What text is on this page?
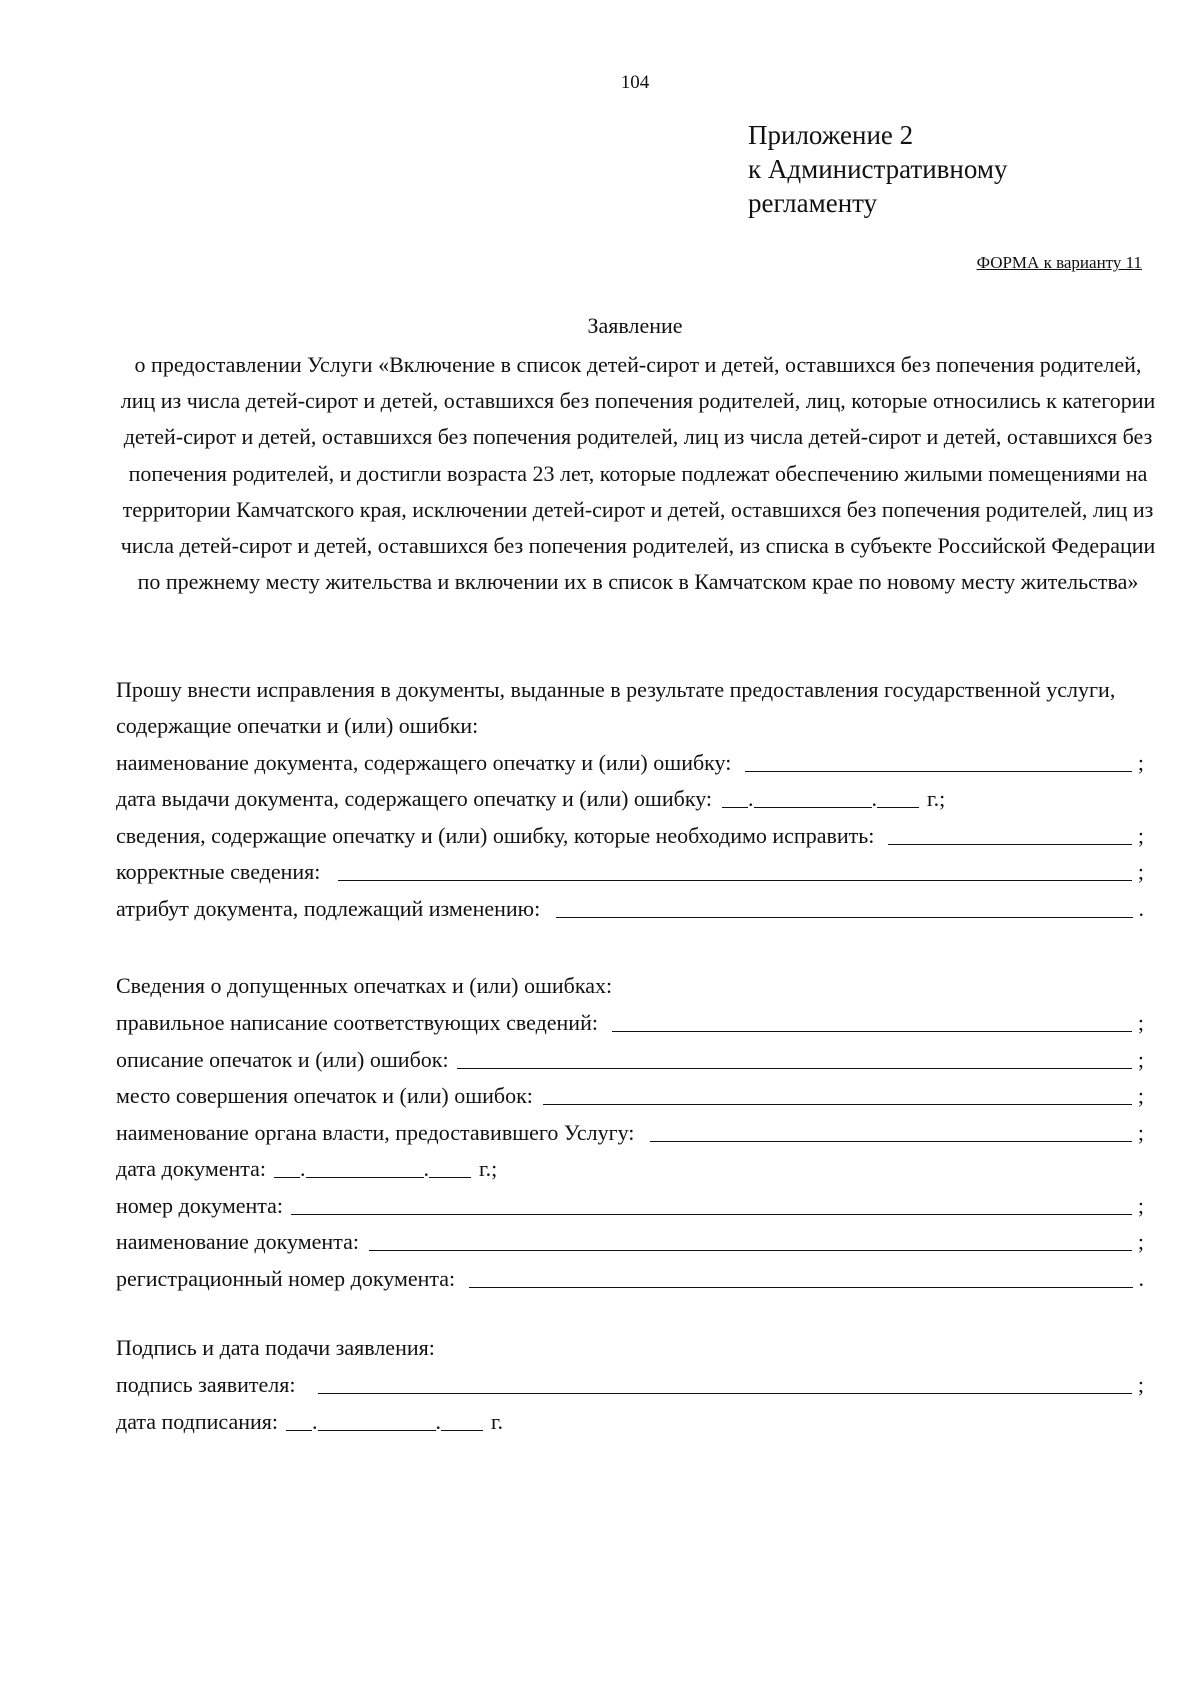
104
Приложение 2
к Административному
регламенту
ФОРМА к варианту 11
Заявление
о предоставлении Услуги «Включение в список детей-сирот и детей, оставшихся без попечения родителей, лиц из числа детей-сирот и детей, оставшихся без попечения родителей, лиц, которые относились к категории детей-сирот и детей, оставшихся без попечения родителей, лиц из числа детей-сирот и детей, оставшихся без попечения родителей, и достигли возраста 23 лет, которые подлежат обеспечению жилыми помещениями на территории Камчатского края, исключении детей-сирот и детей, оставшихся без попечения родителей, лиц из числа детей-сирот и детей, оставшихся без попечения родителей, из списка в субъекте Российской Федерации по прежнему месту жительства и включении их в список в Камчатском крае по новому месту жительства»
Прошу внести исправления в документы, выданные в результате предоставления государственной услуги, содержащие опечатки и (или) ошибки:
наименование документа, содержащего опечатку и (или) ошибку:	;
дата выдачи документа, содержащего опечатку и (или) ошибку: .	. г.;
сведения, содержащие опечатку и (или) ошибку, которые необходимо исправить:	;
корректные сведения:	;
атрибут документа, подлежащий изменению:	.
Сведения о допущенных опечатках и (или) ошибках:
правильное написание соответствующих сведений:	;
описание опечаток и (или) ошибок:	;
место совершения опечаток и (или) ошибок:	;
наименование органа власти, предоставившего Услугу:	;
дата документа: .	. г.;
номер документа:	;
наименование документа:	;
регистрационный номер документа:	.
Подпись и дата подачи заявления:
подпись заявителя:	;
дата подписания: .	. г.
